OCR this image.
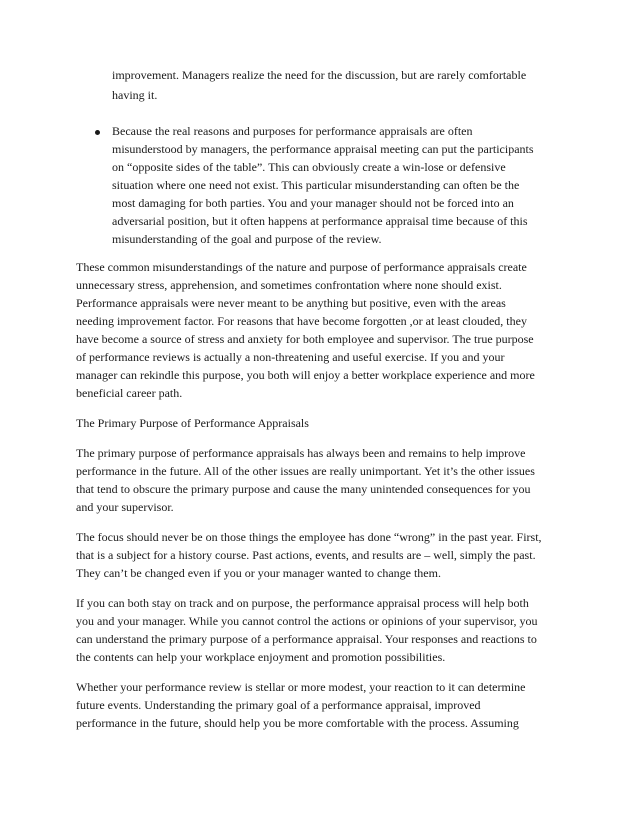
improvement. Managers realize the need for the discussion, but are rarely comfortable
having it.
Because the real reasons and purposes for performance appraisals are often
misunderstood by managers, the performance appraisal meeting can put the participants
on “opposite sides of the table”. This can obviously create a win-lose or defensive
situation where one need not exist. This particular misunderstanding can often be the
most damaging for both parties. You and your manager should not be forced into an
adversarial position, but it often happens at performance appraisal time because of this
misunderstanding of the goal and purpose of the review.
These common misunderstandings of the nature and purpose of performance appraisals create
unnecessary stress, apprehension, and sometimes confrontation where none should exist.
Performance appraisals were never meant to be anything but positive, even with the areas
needing improvement factor. For reasons that have become forgotten ,or at least clouded, they
have become a source of stress and anxiety for both employee and supervisor. The true purpose
of performance reviews is actually a non-threatening and useful exercise. If you and your
manager can rekindle this purpose, you both will enjoy a better workplace experience and more
beneficial career path.
The Primary Purpose of Performance Appraisals
The primary purpose of performance appraisals has always been and remains to help improve
performance in the future. All of the other issues are really unimportant. Yet it’s the other issues
that tend to obscure the primary purpose and cause the many unintended consequences for you
and your supervisor.
The focus should never be on those things the employee has done “wrong” in the past year. First,
that is a subject for a history course. Past actions, events, and results are – well, simply the past.
They can’t be changed even if you or your manager wanted to change them.
If you can both stay on track and on purpose, the performance appraisal process will help both
you and your manager. While you cannot control the actions or opinions of your supervisor, you
can understand the primary purpose of a performance appraisal. Your responses and reactions to
the contents can help your workplace enjoyment and promotion possibilities.
Whether your performance review is stellar or more modest, your reaction to it can determine
future events. Understanding the primary goal of a performance appraisal, improved
performance in the future, should help you be more comfortable with the process. Assuming
